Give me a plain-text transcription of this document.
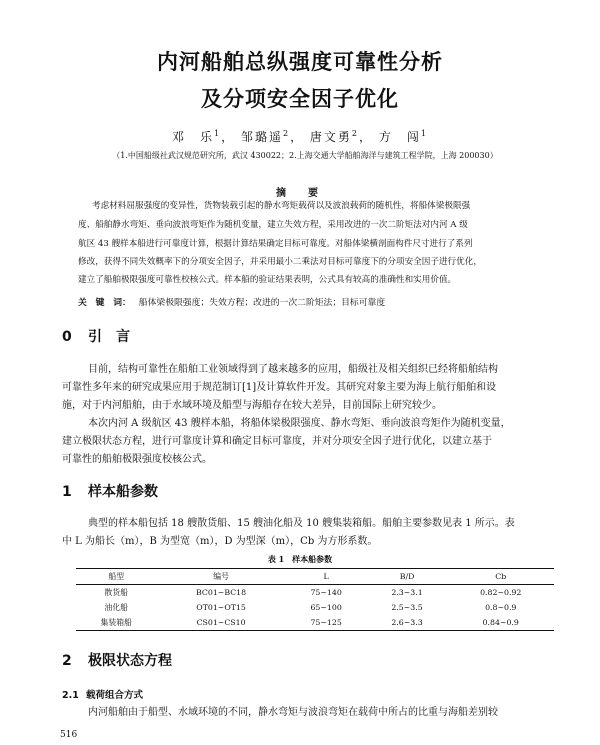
内河船舶总纵强度可靠性分析
及分项安全因子优化
邓　乐$^1$， 邹璐遥$^2$， 唐文勇$^2$， 方　闯$^1$
（1.中国船级社武汉规范研究所，武汉 430022；2.上海交通大学船舶海洋与建筑工程学院，上海 200030）
摘　要
考虑材料屈服强度的变异性，货物装载引起的静水弯矩载荷以及波浪载荷的随机性，将船体梁极限强
度、船舶静水弯矩、垂向波浪弯矩作为随机变量，建立失效方程，采用改进的一次二阶矩法对内河 A 级
航区 43 艘样本船进行可靠度计算，根据计算结果确定目标可靠度。对船体梁横剖面构件尺寸进行了系列
修改，获得不同失效概率下的分项安全因子，并采用最小二乘法对目标可靠度下的分项安全因子进行优化，
建立了船舶极限强度可靠性校核公式。样本船的验证结果表明，公式具有较高的准确性和实用价值。
关　键　词： 船体梁极限强度；失效方程；改进的一次二阶矩法；目标可靠度
0 引　言
目前，结构可靠性在船舶工业领域得到了越来越多的应用，船级社及相关组织已经将船舶结构
可靠性多年来的研究成果应用于规范制订[1]及计算软件开发。其研究对象主要为海上航行船舶和设
施，对于内河船舶，由于水域环境及船型与海船存在较大差异，目前国际上研究较少。
本次内河 A 级航区 43 艘样本船，将船体梁极限强度、静水弯矩、垂向波浪弯矩作为随机变量，
建立极限状态方程，进行可靠度计算和确定目标可靠度，并对分项安全因子进行优化，以建立基于
可靠性的船舶极限强度校核公式。
1 样本船参数
典型的样本船包括 18 艘散货船、15 艘油化船及 10 艘集装箱船。船舶主要参数见表 1 所示。表
中 L 为船长（m），B 为型宽（m），D 为型深（m），Cb 为方形系数。
表 1　样本船参数
船型	编号	L	B/D	Cb
散货船	BC01~BC18	75~140	2.3~3.1	0.82~0.92
油化船	OT01~OT15	65~100	2.5~3.5	0.8~0.9
集装箱船	CS01~CS10	75~125	2.6~3.3	0.84~0.9
2 极限状态方程
2.1 载荷组合方式
内河船舶由于船型、水域环境的不同，静水弯矩与波浪弯矩在载荷中所占的比重与海船差别较
516
